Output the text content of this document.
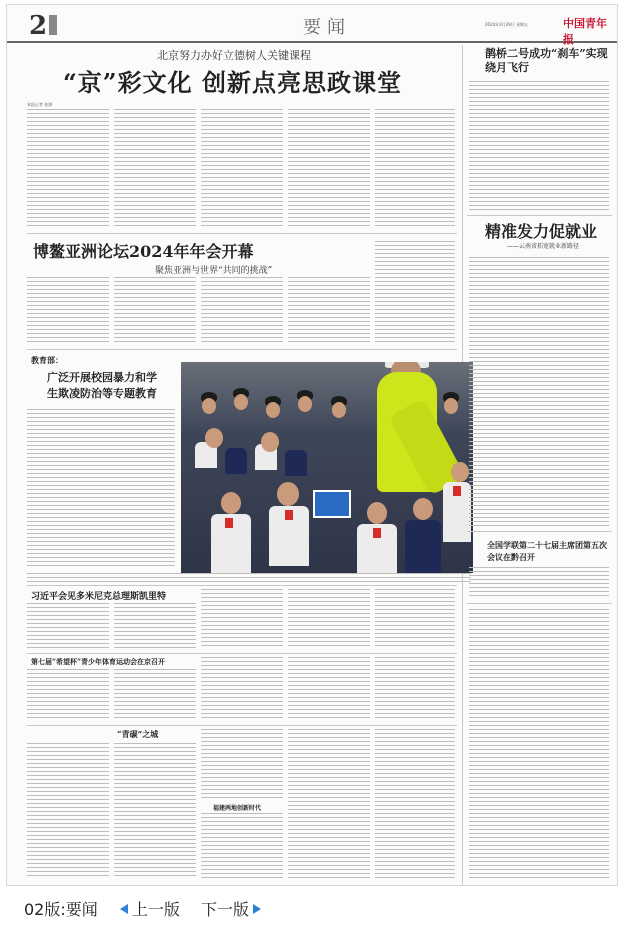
2	要闻	2024年3月29日 星期五	中国青年报
北京努力办好立德树人关键课程
“京”彩文化 创新点亮思政课堂
本报记者 张渺
博鳌亚洲论坛2024年年会开幕
聚焦亚洲与世界“共同的挑战”
教育部：
广泛开展校园暴力和学生欺凌防治等专题教育
习近平会见多米尼克总理斯凯里特
第七届“希望杯”青少年体育运动会在京召开
“青碳”之城
福建两地创新时代
鹊桥二号成功“刹车”实现绕月飞行
精准发力促就业
——云南省拓宽就业新路径
全国学联第二十七届主席团第五次会议在黔召开
02版:要闻 上一版 下一版
